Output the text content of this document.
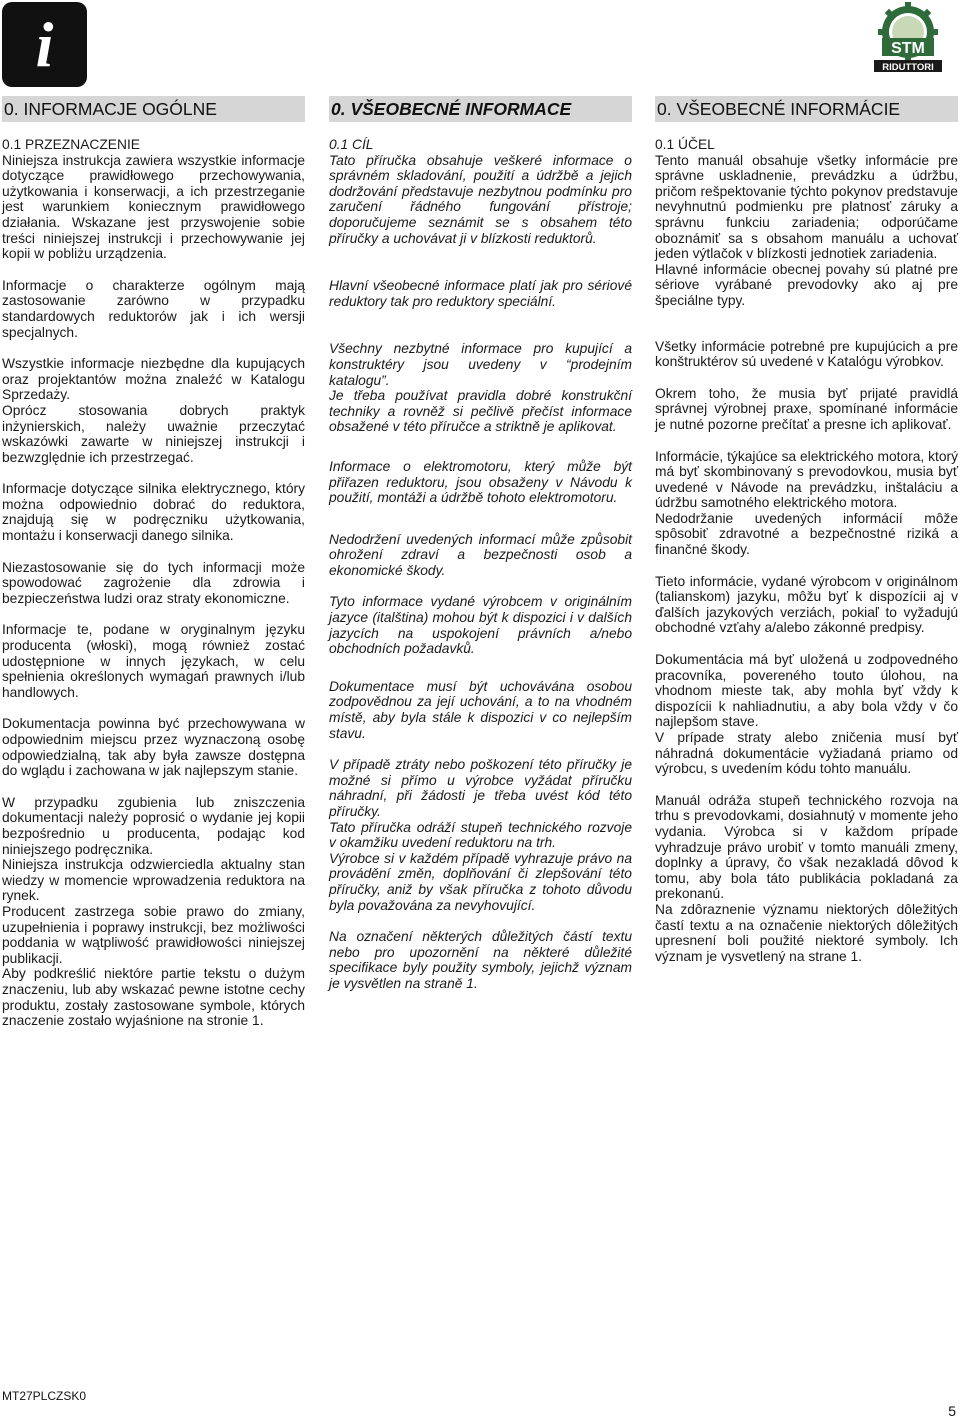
i	STM
RIDUTTORI
0. INFORMACJE OGÓLNE
0.1 PRZEZNACZENIE

Niniejsza instrukcja zawiera wszystkie informacje dotyczące prawidłowego przechowywania, użytkowania i konserwacji, a ich przestrzeganie jest warunkiem koniecznym prawidłowego działania. Wskazane jest przyswojenie sobie treści niniejszej instrukcji i przechowywanie jej kopii w pobliżu urządzenia.

Informacje o charakterze ogólnym mają zastosowanie zarówno w przypadku standardowych reduktorów jak i ich wersji specjalnych.

Wszystkie informacje niezbędne dla kupujących oraz projektantów można znaleźć w Katalogu Sprzedaży.

Oprócz stosowania dobrych praktyk inżynierskich, należy uważnie przeczytać wskazówki zawarte w niniejszej instrukcji i bezwzględnie ich przestrzegać.

Informacje dotyczące silnika elektrycznego, który można odpowiednio dobrać do reduktora, znajdują się w podręczniku użytkowania, montażu i konserwacji danego silnika.

Niezastosowanie się do tych informacji może spowodować zagrożenie dla zdrowia i bezpieczeństwa ludzi oraz straty ekonomiczne.

Informacje te, podane w oryginalnym języku producenta (włoski), mogą również zostać udostępnione w innych językach, w celu spełnienia określonych wymagań prawnych i/lub handlowych.

Dokumentacja powinna być przechowywana w odpowiednim miejscu przez wyznaczoną osobę odpowiedzialną, tak aby była zawsze dostępna do wglądu i zachowana w jak najlepszym stanie.

W przypadku zgubienia lub zniszczenia dokumentacji należy poprosić o wydanie jej kopii bezpośrednio u producenta, podając kod niniejszego podręcznika.

Niniejsza instrukcja odzwierciedla aktualny stan wiedzy w momencie wprowadzenia reduktora na rynek.

Producent zastrzega sobie prawo do zmiany, uzupełnienia i poprawy instrukcji, bez możliwości poddania w wątpliwość prawidłowości niniejszej publikacji.

Aby podkreślić niektóre partie tekstu o dużym znaczeniu, lub aby wskazać pewne istotne cechy produktu, zostały zastosowane symbole, których znaczenie zostało wyjaśnione na stronie 1.

0. VŠEOBECNÉ INFORMACE
0.1 CÍL

Tato příručka obsahuje veškeré informace o správném skladování, použití a údržbě a jejich dodržování představuje nezbytnou podmínku pro zaručení řádného fungování přístroje; doporučujeme seznámit se s obsahem této příručky a uchovávat ji v blízkosti reduktorů.

Hlavní všeobecné informace platí jak pro sériové reduktory tak pro reduktory speciální.

Všechny nezbytné informace pro kupující a konstruktéry jsou uvedeny v “prodejním katalogu”.

Je třeba používat pravidla dobré konstrukční techniky a rovněž si pečlivě přečíst informace obsažené v této příručce a striktně je aplikovat.

Informace o elektromotoru, který může být přiřazen reduktoru, jsou obsaženy v Návodu k použití, montáži a údržbě tohoto elektromotoru.

Nedodržení uvedených informací může způsobit ohrožení zdraví a bezpečnosti osob a ekonomické škody.

Tyto informace vydané výrobcem v originálním jazyce (italština) mohou být k dispozici i v dalších jazycích na uspokojení právních a/nebo obchodních požadavků.

Dokumentace musí být uchovávána osobou zodpovědnou za její uchování, a to na vhodném místě, aby byla stále k dispozici v co nejlepším stavu.

V případě ztráty nebo poškození této příručky je možné si přímo u výrobce vyžádat příručku náhradní, při žádosti je třeba uvést kód této příručky.

Tato příručka odráží stupeň technického rozvoje v okamžiku uvedení reduktoru na trh.

Výrobce si v každém případě vyhrazuje právo na provádění změn, doplňování či zlepšování této příručky, aniž by však příručka z tohoto důvodu byla považována za nevyhovující.

Na označení některých důležitých částí textu nebo pro upozornění na některé důležité specifikace byly použity symboly, jejichž význam je vysvětlen na straně 1.

0. VŠEOBECNÉ INFORMÁCIE
0.1 ÚČEL

Tento manuál obsahuje všetky informácie pre správne uskladnenie, prevádzku a údržbu, pričom rešpektovanie týchto pokynov predstavuje nevyhnutnú podmienku pre platnosť záruky a správnu funkciu zariadenia; odporúčame oboznámiť sa s obsahom manuálu a uchovať jeden výtlačok v blízkosti jednotiek zariadenia.

Hlavné informácie obecnej povahy sú platné pre sériove vyrábané prevodovky ako aj pre špeciálne typy.

Všetky informácie potrebné pre kupujúcich a pre konštruktérov sú uvedené v Katalógu výrobkov.

Okrem toho, že musia byť prijaté pravidlá správnej výrobnej praxe, spomínané informácie je nutné pozorne prečítať a presne ich aplikovať.

Informácie, týkajúce sa elektrického motora, ktorý má byť skombinovaný s prevodovkou, musia byť uvedené v Návode na prevádzku, inštaláciu a údržbu samotného elektrického motora.

Nedodržanie uvedených informácií môže spôsobiť zdravotné a bezpečnostné riziká a finančné škody.

Tieto informácie, vydané výrobcom v originálnom (talianskom) jazyku, môžu byť k dispozícii aj v ďalších jazykových verziách, pokiaľ to vyžadujú obchodné vzťahy a/alebo zákonné predpisy.

Dokumentácia má byť uložená u zodpovedného pracovníka, povereného touto úlohou, na vhodnom mieste tak, aby mohla byť vždy k dispozícii k nahliadnutiu, a aby bola vždy v čo najlepšom stave.

V prípade straty alebo zničenia musí byť náhradná dokumentácie vyžiadaná priamo od výrobcu, s uvedením kódu tohto manuálu.

Manuál odráža stupeň technického rozvoja na trhu s prevodovkami, dosiahnutý v momente jeho vydania. Výrobca si v každom prípade vyhradzuje právo urobiť v tomto manuáli zmeny, doplnky a úpravy, čo však nezakladá dôvod k tomu, aby bola táto publikácia pokladaná za prekonanú.

Na zdôraznenie významu niektorých dôležitých častí textu a na označenie niektorých dôležitých upresnení boli použité niektoré symboly. Ich význam je vysvetlený na strane 1.

MT27PLCZSK0
5
